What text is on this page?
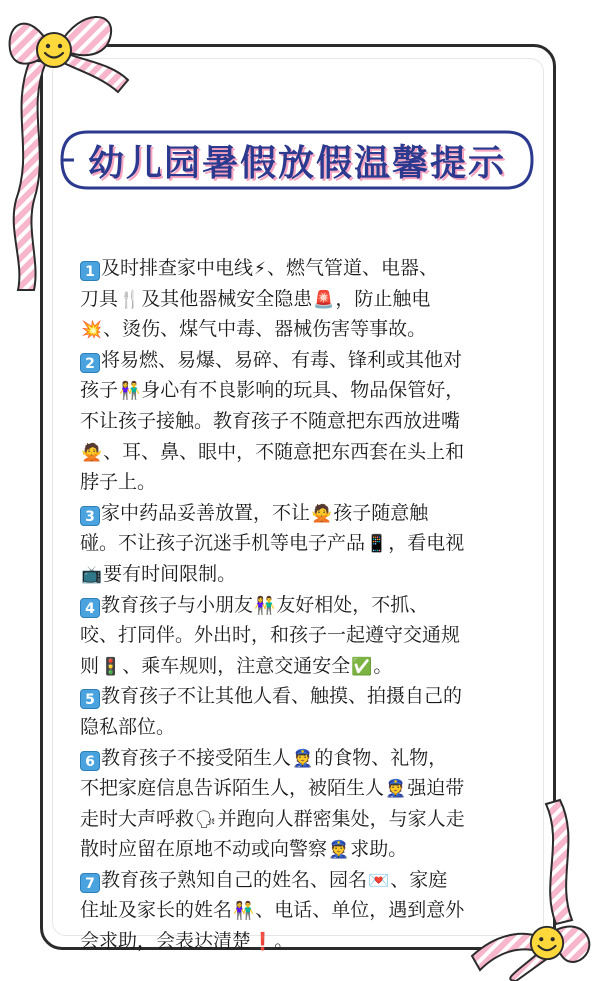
幼儿园暑假放假温馨提示
1 及时排查家中电线⚡、燃气管道、电器、
刀具🍴及其他器械安全隐患🚨，防止触电
💥、烫伤、煤气中毒、器械伤害等事故。
2 将易燃、易爆、易碎、有毒、锋利或其他对
孩子👫身心有不良影响的玩具、物品保管好，
不让孩子接触。教育孩子不随意把东西放进嘴
🙅、耳、鼻、眼中，不随意把东西套在头上和
脖子上。
3 家中药品妥善放置，不让🙅孩子随意触
碰。不让孩子沉迷手机等电子产品📱，看电视
📺要有时间限制。
4 教育孩子与小朋友👫友好相处，不抓、
咬、打同伴。外出时，和孩子一起遵守交通规
则🚦、乘车规则，注意交通安全✅。
5 教育孩子不让其他人看、触摸、拍摄自己的
隐私部位。
6 教育孩子不接受陌生人👮的食物、礼物，
不把家庭信息告诉陌生人，被陌生人👮强迫带
走时大声呼救🗣并跑向人群密集处，与家人走
散时应留在原地不动或向警察👮求助。
7 教育孩子熟知自己的姓名、园名💌、家庭
住址及家长的姓名👫、电话、单位，遇到意外
会求助，会表达清楚❗。
